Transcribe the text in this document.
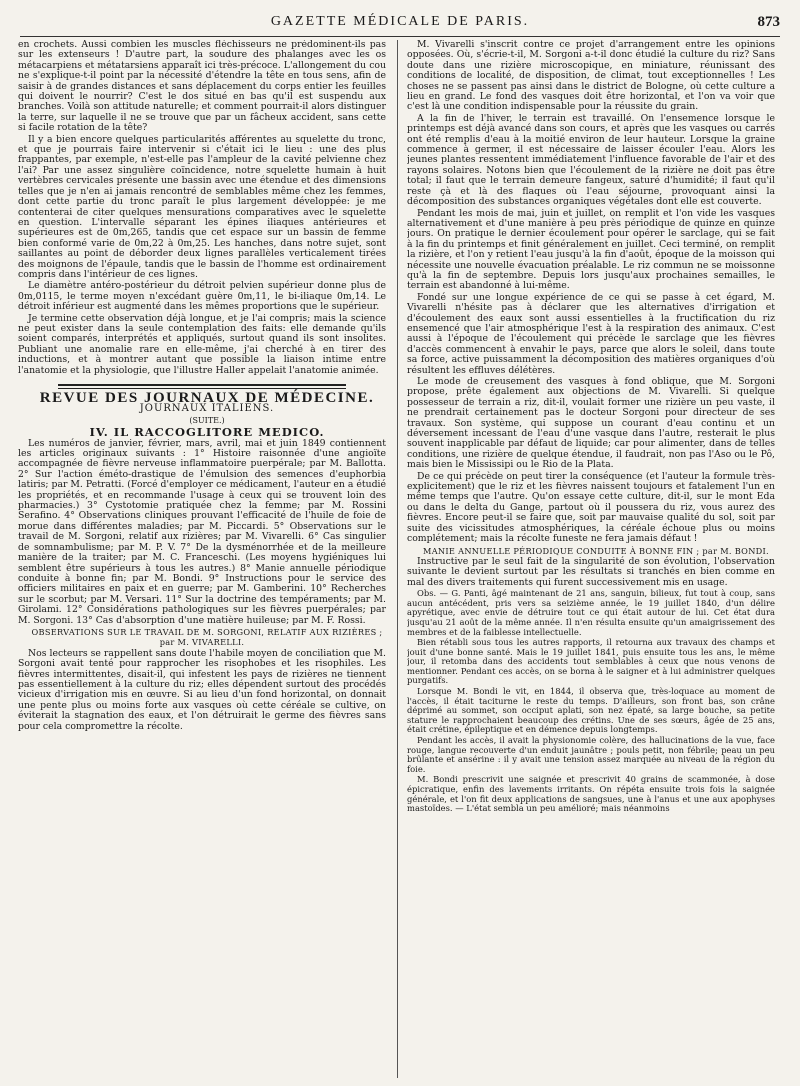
GAZETTE MÉDICALE DE PARIS.	873

en crochets. Aussi combien les muscles fléchisseurs ne prédominent-ils pas sur les extenseurs ! D'autre part, la soudure des phalanges avec les os métacarpiens et métatarsiens apparaît ici très-précoce. L'allongement du cou ne s'explique-t-il point par la nécessité d'étendre la tête en tous sens, afin de saisir à de grandes distances et sans déplacement du corps entier les feuilles qui doivent le nourrir? C'est le dos situé en bas qu'il est suspendu aux branches. Voilà son attitude naturelle; et comment pourrait-il alors distinguer la terre, sur laquelle il ne se trouve que par un fâcheux accident, sans cette si facile rotation de la tête?

Il y a bien encore quelques particularités afférentes au squelette du tronc, et que je pourrais faire intervenir si c'était ici le lieu : une des plus frappantes, par exemple, n'est-elle pas l'ampleur de la cavité pelvienne chez l'ai? Par une assez singulière coïncidence, notre squelette humain à huit vertèbres cervicales présente une bassin avec une étendue et des dimensions telles que je n'en ai jamais rencontré de semblables même chez les femmes, dont cette partie du tronc paraît le plus largement développée: je me contenterai de citer quelques mensurations comparatives avec le squelette en question. L'intervalle séparant les épines iliaques antérieures et supérieures est de 0m,265, tandis que cet espace sur un bassin de femme bien conformé varie de 0m,22 à 0m,25. Les hanches, dans notre sujet, sont saillantes au point de déborder deux lignes parallèles verticalement tirées des moignons de l'épaule, tandis que le bassin de l'homme est ordinairement compris dans l'intérieur de ces lignes.

Le diamètre antéro-postérieur du détroit pelvien supérieur donne plus de 0m,0115, le terme moyen n'excédant guère 0m,11, le bi-iliaque 0m,14. Le détroit inférieur est augmenté dans les mêmes proportions que le supérieur.

Je termine cette observation déjà longue, et je l'ai compris; mais la science ne peut exister dans la seule contemplation des faits: elle demande qu'ils soient comparés, interprétés et appliqués, surtout quand ils sont insolites. Publiant une anomalie rare en elle-même, j'ai cherché à en tirer des inductions, et à montrer autant que possible la liaison intime entre l'anatomie et la physiologie, que l'illustre Haller appelait l'anatomie animée.

REVUE DES JOURNAUX DE MÉDECINE.

JOURNAUX ITALIENS.

(SUITE.)

IV. IL RACCOGLITORE MEDICO.

Les numéros de janvier, février, mars, avril, mai et juin 1849 contiennent les articles originaux suivants : 1° Histoire raisonnée d'une angioïte accompagnée de fièvre nerveuse inflammatoire puerpérale; par M. Ballotta. 2° Sur l'action éméto-drastique de l'émulsion des semences d'euphorbia latiris; par M. Petratti. (Forcé d'employer ce médicament, l'auteur en a étudié les propriétés, et en recommande l'usage à ceux qui se trouvent loin des pharmacies.) 3° Cystotomie pratiquée chez la femme; par M. Rossini Serafino. 4° Observations cliniques prouvant l'efficacité de l'huile de foie de morue dans différentes maladies; par M. Piccardi. 5° Observations sur le travail de M. Sorgoni, relatif aux rizières; par M. Vivarelli. 6° Cas singulier de somnambulisme; par M. P. V. 7° De la dysménorrhée et de la meilleure manière de la traiter; par M. C. Franceschi. (Les moyens hygiéniques lui semblent être supérieurs à tous les autres.) 8° Manie annuelle périodique conduite à bonne fin; par M. Bondi. 9° Instructions pour le service des officiers militaires en paix et en guerre; par M. Gamberini. 10° Recherches sur le scorbut; par M. Versari. 11° Sur la doctrine des tempéraments; par M. Girolami. 12° Considérations pathologiques sur les fièvres puerpérales; par M. Sorgoni. 13° Cas d'absorption d'une matière huileuse; par M. F. Rossi.

OBSERVATIONS SUR LE TRAVAIL DE M. SORGONI, RELATIF AUX RIZIÈRES ; par M. VIVARELLI.

Nos lecteurs se rappellent sans doute l'habile moyen de conciliation que M. Sorgoni avait tenté pour rapprocher les risophobes et les risophiles. Les fièvres intermittentes, disait-il, qui infestent les pays de rizières ne tiennent pas essentiellement à la culture du riz; elles dépendent surtout des procédés vicieux d'irrigation mis en œuvre. Si au lieu d'un fond horizontal, on donnait une pente plus ou moins forte aux vasques où cette céréale se cultive, on éviterait la stagnation des eaux, et l'on détruirait le germe des fièvres sans pour cela compromettre la récolte.

M. Vivarelli s'inscrit contre ce projet d'arrangement entre les opinions opposées. Où, s'écrie-t-il, M. Sorgoni a-t-il donc étudié la culture du riz? Sans doute dans une rizière microscopique, en miniature, réunissant des conditions de localité, de disposition, de climat, tout exceptionnelles ! Les choses ne se passent pas ainsi dans le district de Bologne, où cette culture a lieu en grand. Le fond des vasques doit être horizontal, et l'on va voir que c'est là une condition indispensable pour la réussite du grain.

A la fin de l'hiver, le terrain est travaillé. On l'ensemence lorsque le printemps est déjà avancé dans son cours, et après que les vasques ou carrés ont été remplis d'eau à la moitié environ de leur hauteur. Lorsque la graine commence à germer, il est nécessaire de laisser écouler l'eau. Alors les jeunes plantes ressentent immédiatement l'influence favorable de l'air et des rayons solaires. Notons bien que l'écoulement de la rizière ne doit pas être total; il faut que le terrain demeure fangeux, saturé d'humidité; il faut qu'il reste çà et là des flaques où l'eau séjourne, provoquant ainsi la décomposition des substances organiques végétales dont elle est couverte.

Pendant les mois de mai, juin et juillet, on remplit et l'on vide les vasques alternativement et d'une manière à peu près périodique de quinze en quinze jours. On pratique le dernier écoulement pour opérer le sarclage, qui se fait à la fin du printemps et finit généralement en juillet. Ceci terminé, on remplit la rizière, et l'on y retient l'eau jusqu'à la fin d'août, époque de la moisson qui nécessite une nouvelle évacuation préalable. Le riz commun ne se moissonne qu'à la fin de septembre. Depuis lors jusqu'aux prochaines semailles, le terrain est abandonné à lui-même.

Fondé sur une longue expérience de ce qui se passe à cet égard, M. Vivarelli n'hésite pas à déclarer que les alternatives d'irrigation et d'écoulement des eaux sont aussi essentielles à la fructification du riz ensemencé que l'air atmosphérique l'est à la respiration des animaux. C'est aussi à l'époque de l'écoulement qui précède le sarclage que les fièvres d'accès commencent à envahir le pays, parce que alors le soleil, dans toute sa force, active puissamment la décomposition des matières organiques d'où résultent les effluves délétères.

Le mode de creusement des vasques à fond oblique, que M. Sorgoni propose, prête également aux objections de M. Vivarelli. Si quelque possesseur de terrain a riz, dit-il, voulait former une rizière un peu vaste, il ne prendrait certainement pas le docteur Sorgoni pour directeur de ses travaux. Son système, qui suppose un courant d'eau continu et un déversement incessant de l'eau d'une vasque dans l'autre, resterait le plus souvent inapplicable par défaut de liquide; car pour alimenter, dans de telles conditions, une rizière de quelque étendue, il faudrait, non pas l'Aso ou le Pô, mais bien le Mississipi ou le Rio de la Plata.

De ce qui précède on peut tirer la conséquence (et l'auteur la formule très-explicitement) que le riz et les fièvres naissent toujours et fatalement l'un en même temps que l'autre. Qu'on essaye cette culture, dit-il, sur le mont Eda ou dans le delta du Gange, partout où il poussera du riz, vous aurez des fièvres. Encore peut-il se faire que, soit par mauvaise qualité du sol, soit par suite des vicissitudes atmosphériques, la céréale échoue plus ou moins complétement; mais la récolte funeste ne fera jamais défaut !

MANIE ANNUELLE PÉRIODIQUE CONDUITE À BONNE FIN ; par M. BONDI.

Instructive par le seul fait de la singularité de son évolution, l'observation suivante le devient surtout par les résultats si tranchés en bien comme en mal des divers traitements qui furent successivement mis en usage.

Obs. — G. Panti, âgé maintenant de 21 ans, sanguin, bilieux, fut tout à coup, sans aucun antécédent, pris vers sa seizième année, le 19 juillet 1840, d'un délire apyrétique, avec envie de détruire tout ce qui était autour de lui. Cet état dura jusqu'au 21 août de la même année. Il n'en résulta ensuite qu'un amaigrissement des membres et de la faiblesse intellectuelle.

Bien rétabli sous tous les autres rapports, il retourna aux travaux des champs et jouit d'une bonne santé. Mais le 19 juillet 1841, puis ensuite tous les ans, le même jour, il retomba dans des accidents tout semblables à ceux que nous venons de mentionner. Pendant ces accès, on se borna à le saigner et à lui administrer quelques purgatifs.

Lorsque M. Bondi le vit, en 1844, il observa que, très-loquace au moment de l'accès, il était taciturne le reste du temps. D'ailleurs, son front bas, son crâne déprimé au sommet, son occiput aplati, son nez épaté, sa large bouche, sa petite stature le rapprochaient beaucoup des crétins. Une de ses sœurs, âgée de 25 ans, était crétine, épileptique et en démence depuis longtemps.

Pendant les accès, il avait la physionomie colère, des hallucinations de la vue, face rouge, langue recouverte d'un enduit jaunâtre ; pouls petit, non fébrile; peau un peu brûlante et ansérine : il y avait une tension assez marquée au niveau de la région du foie.

M. Bondi prescrivit une saignée et prescrivit 40 grains de scammonée, à dose épicratique, enfin des lavements irritants. On répéta ensuite trois fois la saignée générale, et l'on fit deux applications de sangsues, une à l'anus et une aux apophyses mastoïdes. — L'état sembla un peu amélioré; mais néanmoins
